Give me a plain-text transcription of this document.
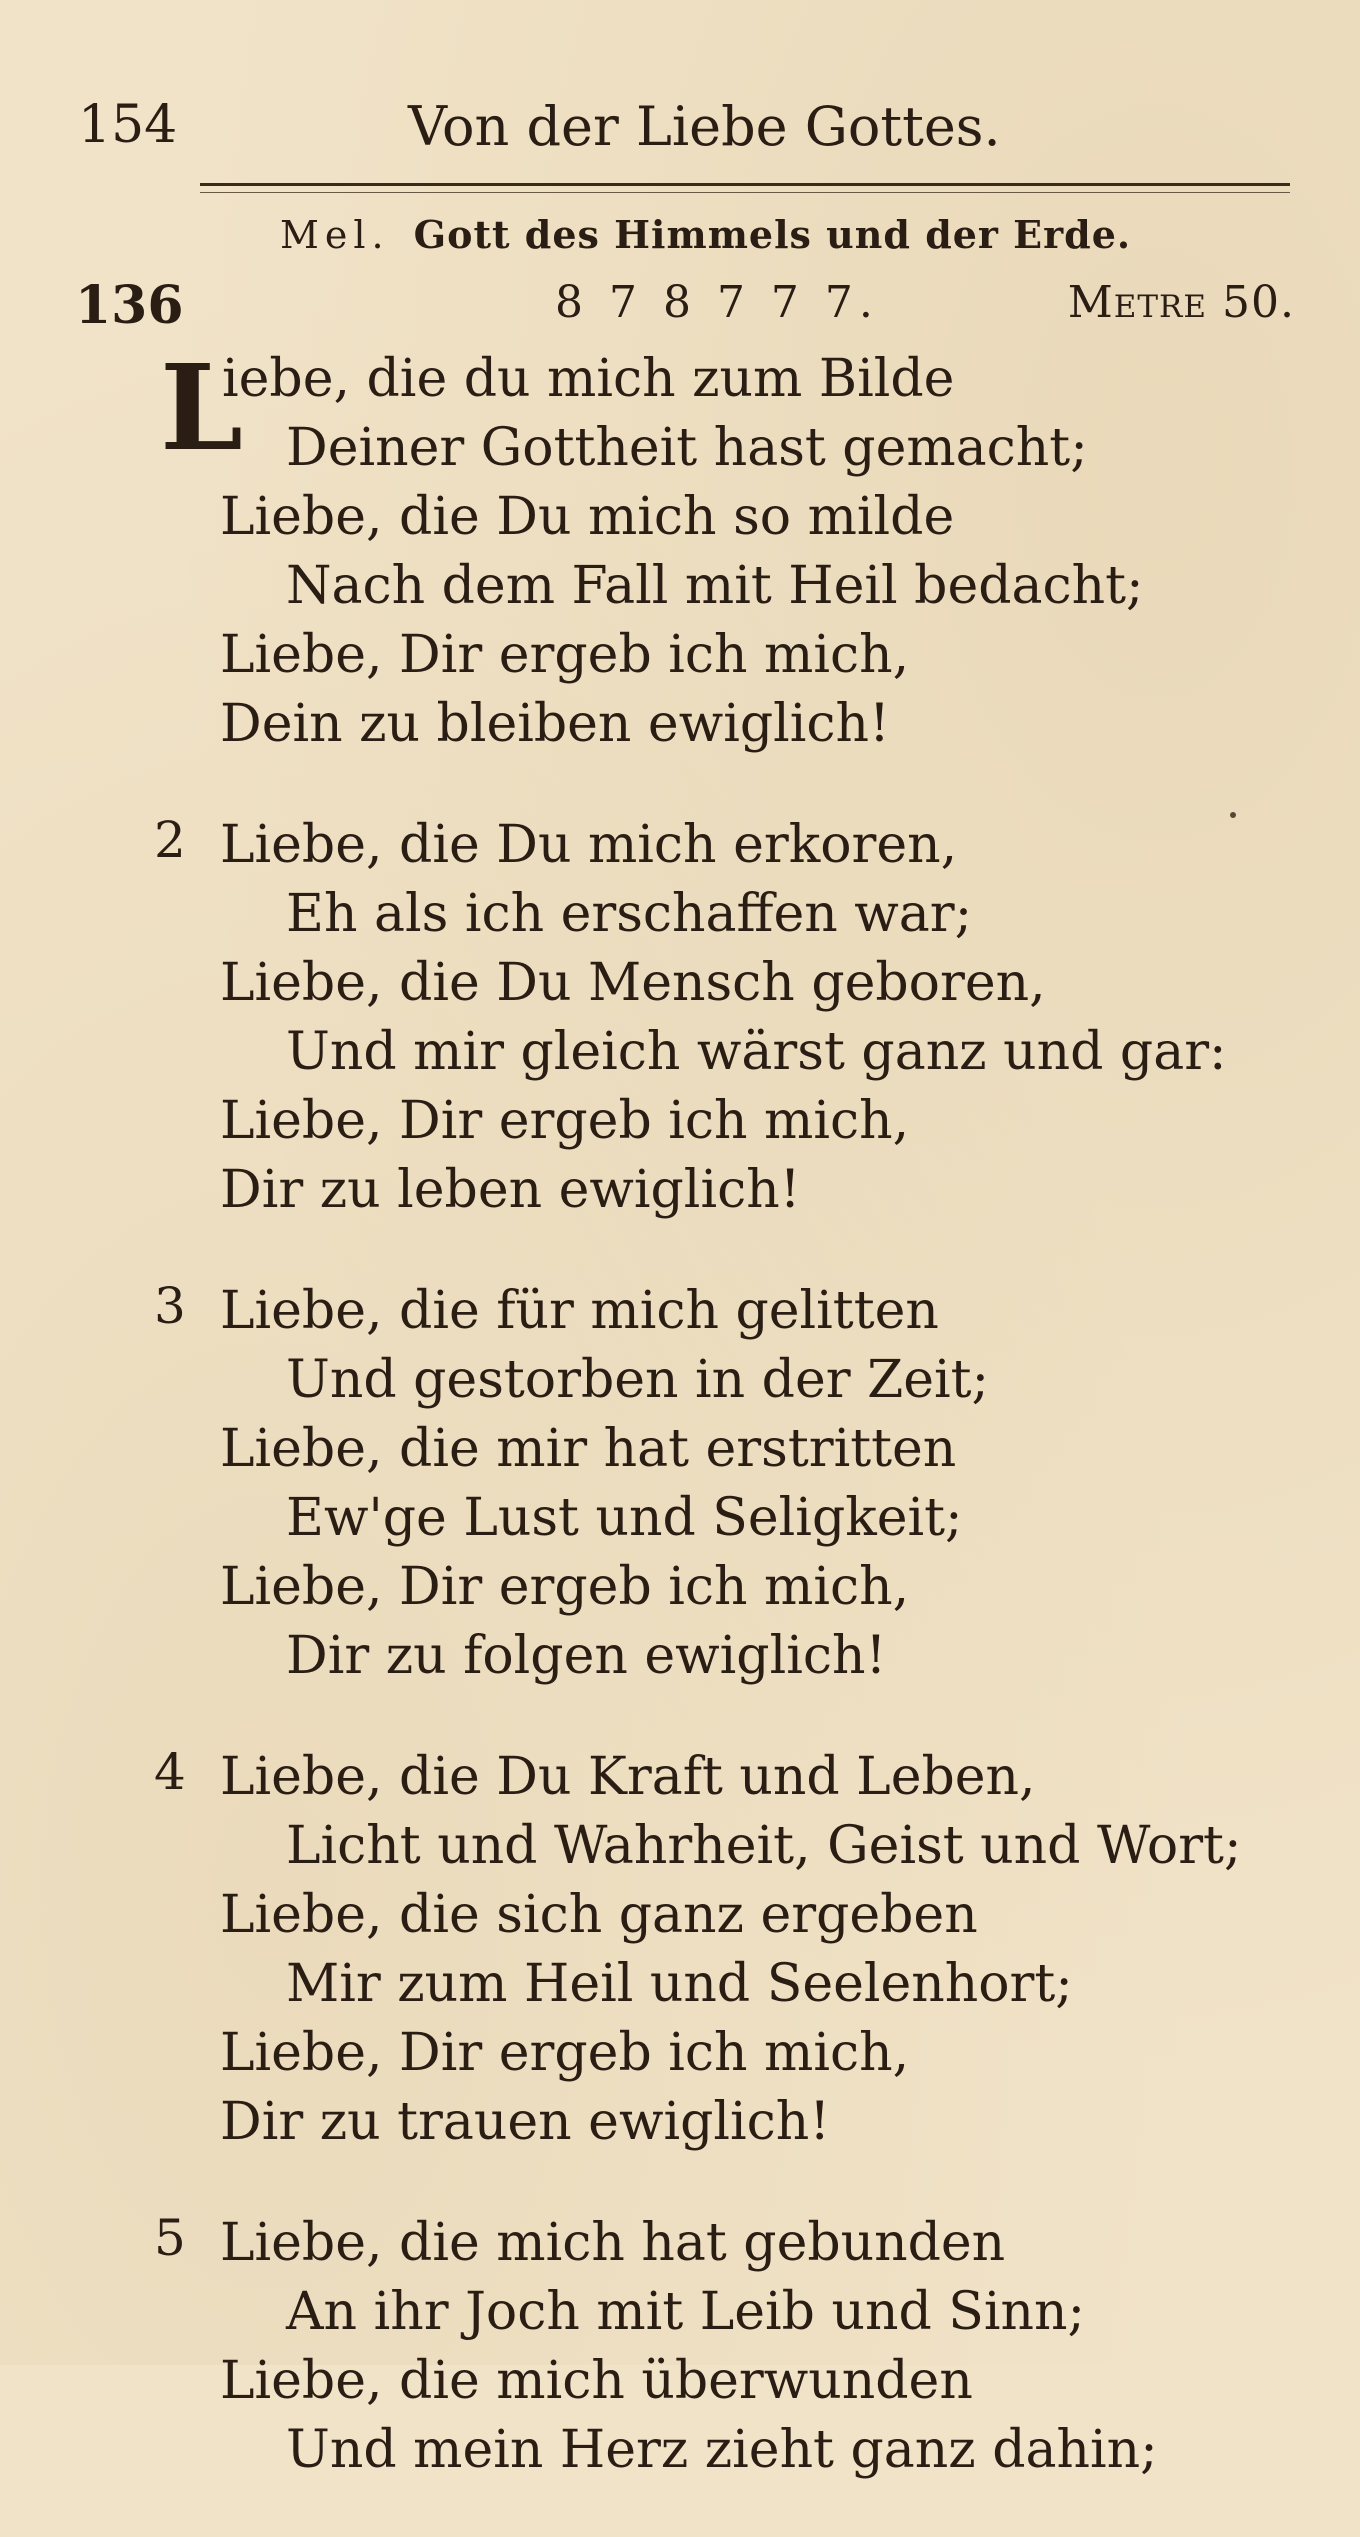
154	Von der Liebe Gottes.
Mel. Gott des Himmels und der Erde.
136	8 7 8 7 7 7.	Metre 50.
L
iebe, die du mich zum Bilde
Deiner Gottheit hast gemacht;
Liebe, die Du mich so milde
Nach dem Fall mit Heil bedacht;
Liebe, Dir ergeb ich mich,
Dein zu bleiben ewiglich!
2 Liebe, die Du mich erkoren,
Eh als ich erschaffen war;
Liebe, die Du Mensch geboren,
Und mir gleich wärst ganz und gar:
Liebe, Dir ergeb ich mich,
Dir zu leben ewiglich!
3 Liebe, die für mich gelitten
Und gestorben in der Zeit;
Liebe, die mir hat erstritten
Ew'ge Lust und Seligkeit;
Liebe, Dir ergeb ich mich,
Dir zu folgen ewiglich!
4 Liebe, die Du Kraft und Leben,
Licht und Wahrheit, Geist und Wort;
Liebe, die sich ganz ergeben
Mir zum Heil und Seelenhort;
Liebe, Dir ergeb ich mich,
Dir zu trauen ewiglich!
5 Liebe, die mich hat gebunden
An ihr Joch mit Leib und Sinn;
Liebe, die mich überwunden
Und mein Herz zieht ganz dahin;
